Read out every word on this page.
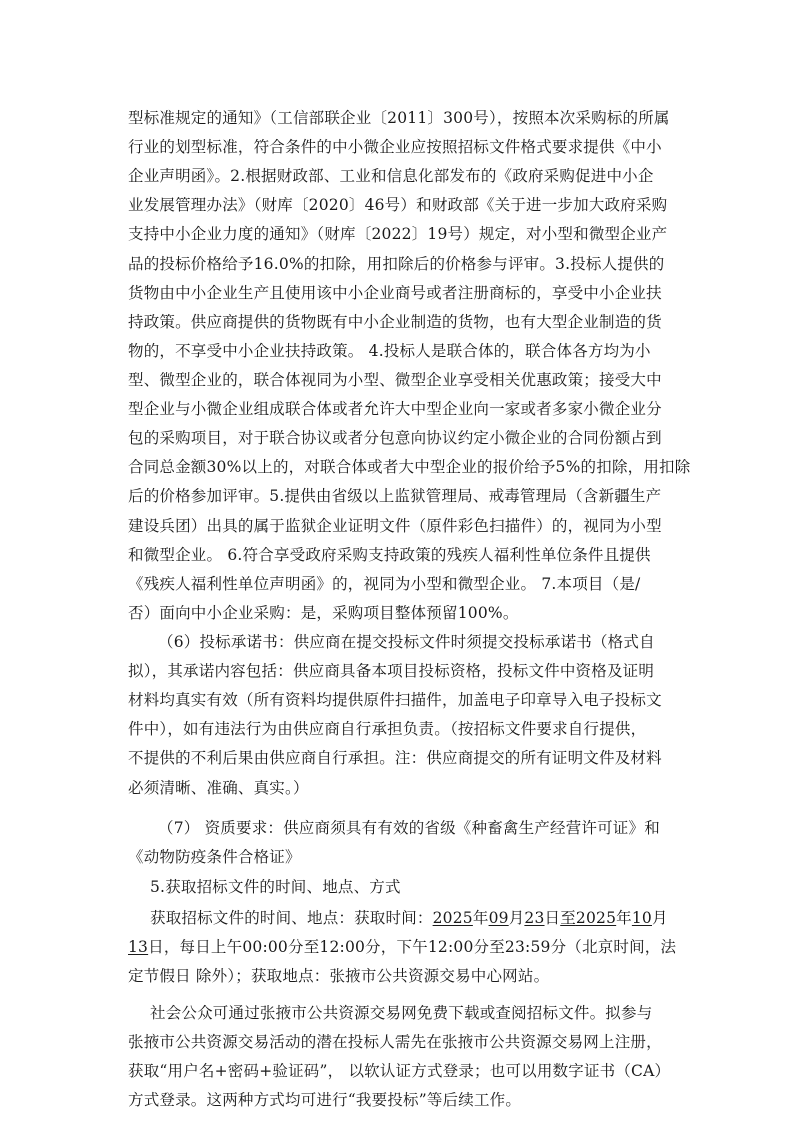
型标准规定的通知》（工信部联企业〔2011〕300号），按照本次采购标的所属
行业的划型标准，符合条件的中小微企业应按照招标文件格式要求提供《中小
企业声明函》。2.根据财政部、工业和信息化部发布的《政府采购促进中小企
业发展管理办法》（财库〔2020〕46号）和财政部《关于进一步加大政府采购
支持中小企业力度的通知》（财库〔2022〕19号）规定，对小型和微型企业产
品的投标价格给予16.0%的扣除，用扣除后的价格参与评审。3.投标人提供的
货物由中小企业生产且使用该中小企业商号或者注册商标的，享受中小企业扶
持政策。供应商提供的货物既有中小企业制造的货物，也有大型企业制造的货
物的，不享受中小企业扶持政策。 4.投标人是联合体的，联合体各方均为小
型、微型企业的，联合体视同为小型、微型企业享受相关优惠政策；接受大中
型企业与小微企业组成联合体或者允许大中型企业向一家或者多家小微企业分
包的采购项目，对于联合协议或者分包意向协议约定小微企业的合同份额占到
合同总金额30%以上的，对联合体或者大中型企业的报价给予5%的扣除，用扣除
后的价格参加评审。5.提供由省级以上监狱管理局、戒毒管理局（含新疆生产
建设兵团）出具的属于监狱企业证明文件（原件彩色扫描件）的，视同为小型
和微型企业。 6.符合享受政府采购支持政策的残疾人福利性单位条件且提供
《残疾人福利性单位声明函》的，视同为小型和微型企业。 7.本项目（是/
否）面向中小企业采购：是，采购项目整体预留100%。
（6）投标承诺书：供应商在提交投标文件时须提交投标承诺书（格式自
拟），其承诺内容包括：供应商具备本项目投标资格，投标文件中资格及证明
材料均真实有效（所有资料均提供原件扫描件，加盖电子印章导入电子投标文
件中），如有违法行为由供应商自行承担负责。（按招标文件要求自行提供，
不提供的不利后果由供应商自行承担。注：供应商提交的所有证明文件及材料
必须清晰、准确、真实。）
（7） 资质要求：供应商须具有有效的省级《种畜禽生产经营许可证》和
《动物防疫条件合格证》
5.获取招标文件的时间、地点、方式
获取招标文件的时间、地点：获取时间：2025年09月23日至2025年10月
13日，每日上午00:00分至12:00分，下午12:00分至23:59分（北京时间，法
定节假日 除外）；获取地点：张掖市公共资源交易中心网站。
社会公众可通过张掖市公共资源交易网免费下载或查阅招标文件。拟参与
张掖市公共资源交易活动的潜在投标人需先在张掖市公共资源交易网上注册，
获取“用户名+密码+验证码”， 以软认证方式登录；也可以用数字证书（CA）
方式登录。这两种方式均可进行“我要投标”等后续工作。
